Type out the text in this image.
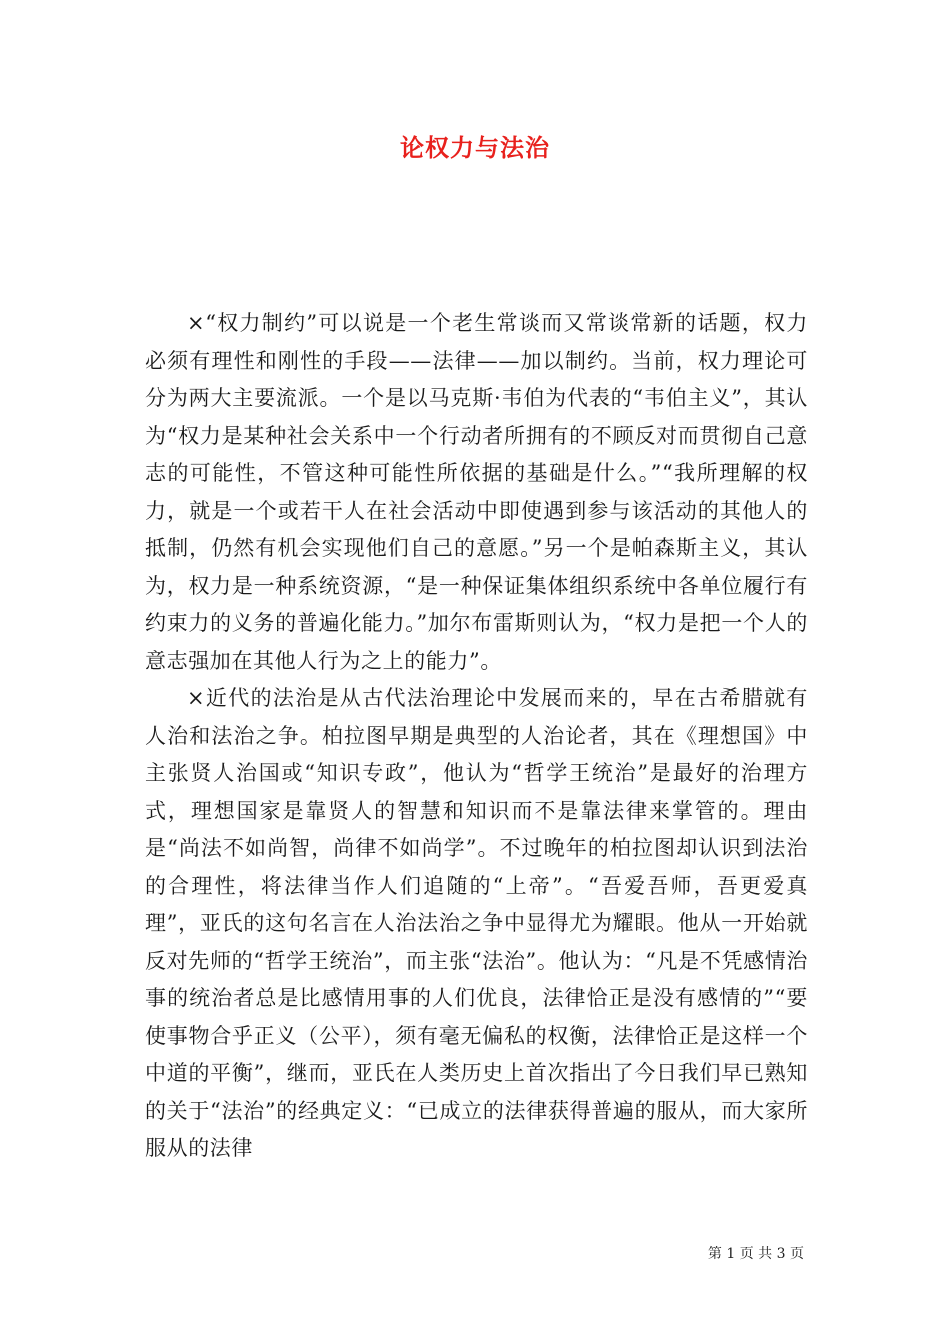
论权力与法治

×“权力制约”可以说是一个老生常谈而又常谈常新的话题，权力必须有理性和刚性的手段——法律——加以制约。当前，权力理论可分为两大主要流派。一个是以马克斯·韦伯为代表的“韦伯主义”，其认为“权力是某种社会关系中一个行动者所拥有的不顾反对而贯彻自己意志的可能性，不管这种可能性所依据的基础是什么。”“我所理解的权力，就是一个或若干人在社会活动中即使遇到参与该活动的其他人的抵制，仍然有机会实现他们自己的意愿。”另一个是帕森斯主义，其认为，权力是一种系统资源，“是一种保证集体组织系统中各单位履行有约束力的义务的普遍化能力。”加尔布雷斯则认为，“权力是把一个人的意志强加在其他人行为之上的能力”。

×近代的法治是从古代法治理论中发展而来的，早在古希腊就有人治和法治之争。柏拉图早期是典型的人治论者，其在《理想国》中主张贤人治国或“知识专政”，他认为“哲学王统治”是最好的治理方式，理想国家是靠贤人的智慧和知识而不是靠法律来掌管的。理由是“尚法不如尚智，尚律不如尚学”。不过晚年的柏拉图却认识到法治的合理性，将法律当作人们追随的“上帝”。“吾爱吾师，吾更爱真理”，亚氏的这句名言在人治法治之争中显得尤为耀眼。他从一开始就反对先师的“哲学王统治”，而主张“法治”。他认为：“凡是不凭感情治事的统治者总是比感情用事的人们优良，法律恰正是没有感情的”“要使事物合乎正义（公平），须有毫无偏私的权衡，法律恰正是这样一个中道的平衡”，继而，亚氏在人类历史上首次指出了今日我们早已熟知的关于“法治”的经典定义：“已成立的法律获得普遍的服从，而大家所服从的法律

第 1 页 共 3 页
